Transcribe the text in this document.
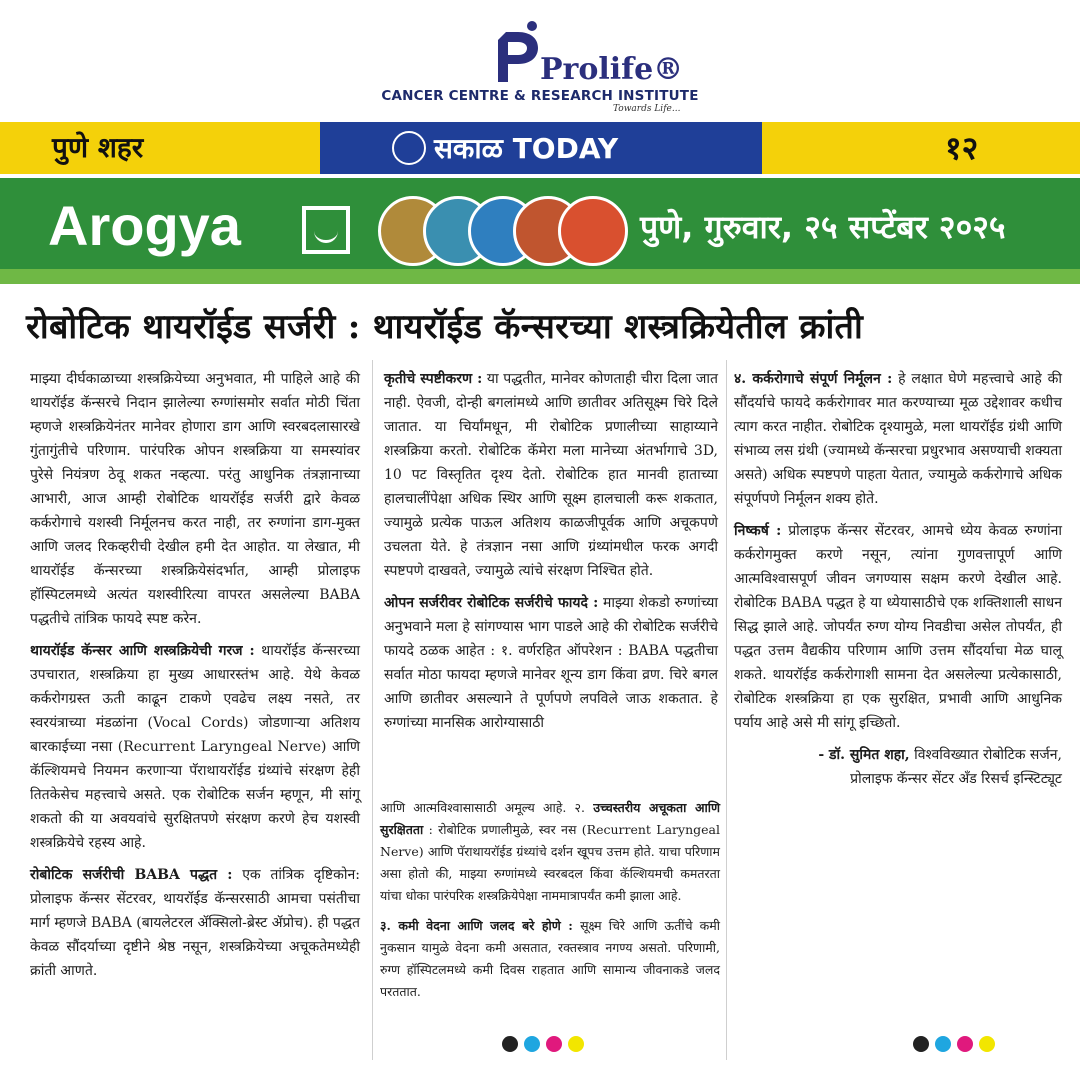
Prolife®
CANCER CENTRE & RESEARCH INSTITUTE
Towards Life...
पुणे शहर	सकाळ TODAY	१२
Arogya	पुणे, गुरुवार, २५ सप्टेंबर २०२५
रोबोटिक थायरॉईड सर्जरी : थायरॉईड कॅन्सरच्या शस्त्रक्रियेतील क्रांती

माझ्या दीर्घकाळाच्या शस्त्रक्रियेच्या अनुभवात, मी पाहिले आहे की थायरॉईड कॅन्सरचे निदान झालेल्या रुग्णांसमोर सर्वात मोठी चिंता म्हणजे शस्त्रक्रियेनंतर मानेवर होणारा डाग आणि स्वरबदलासारखे गुंतागुंतीचे परिणाम. पारंपरिक ओपन शस्त्रक्रिया या समस्यांवर पुरेसे नियंत्रण ठेवू शकत नव्हत्या. परंतु आधुनिक तंत्रज्ञानाच्या आभारी, आज आम्ही रोबोटिक थायरॉईड सर्जरी द्वारे केवळ कर्करोगाचे यशस्वी निर्मूलनच करत नाही, तर रुग्णांना डाग-मुक्त आणि जलद रिकव्हरीची देखील हमी देत आहोत. या लेखात, मी थायरॉईड कॅन्सरच्या शस्त्रक्रियेसंदर्भात, आम्ही प्रोलाइफ हॉस्पिटलमध्ये अत्यंत यशस्वीरित्या वापरत असलेल्या BABA पद्धतीचे तांत्रिक फायदे स्पष्ट करेन.

थायरॉईड कॅन्सर आणि शस्त्रक्रियेची गरज : थायरॉईड कॅन्सरच्या उपचारात, शस्त्रक्रिया हा मुख्य आधारस्तंभ आहे. येथे केवळ कर्करोगग्रस्त ऊती काढून टाकणे एवढेच लक्ष्य नसते, तर स्वरयंत्राच्या मंडळांना (Vocal Cords) जोडणाऱ्या अतिशय बारकाईच्या नसा (Recurrent Laryngeal Nerve) आणि कॅल्शियमचे नियमन करणाऱ्या पॅराथायरॉईड ग्रंथ्यांचे संरक्षण हेही तितकेसेच महत्त्वाचे असते. एक रोबोटिक सर्जन म्हणून, मी सांगू शकतो की या अवयवांचे सुरक्षितपणे संरक्षण करणे हेच यशस्वी शस्त्रक्रियेचे रहस्य आहे.

रोबोटिक सर्जरीची BABA पद्धत : एक तांत्रिक दृष्टिकोन: प्रोलाइफ कॅन्सर सेंटरवर, थायरॉईड कॅन्सरसाठी आमचा पसंतीचा मार्ग म्हणजे BABA (बायलेटरल ॲक्सिलो-ब्रेस्ट ॲप्रोच). ही पद्धत केवळ सौंदर्याच्या दृष्टीने श्रेष्ठ नसून, शस्त्रक्रियेच्या अचूकतेमध्येही क्रांती आणते.

कृतीचे स्पष्टीकरण : या पद्धतीत, मानेवर कोणताही चीरा दिला जात नाही. ऐवजी, दोन्ही बगलांमध्ये आणि छातीवर अतिसूक्ष्म चिरे दिले जातात. या चिर्यांमधून, मी रोबोटिक प्रणालीच्या साहाय्याने शस्त्रक्रिया करतो. रोबोटिक कॅमेरा मला मानेच्या अंतर्भागाचे 3D, 10 पट विस्तृतित दृश्य देतो. रोबोटिक हात मानवी हाताच्या हालचालींपेक्षा अधिक स्थिर आणि सूक्ष्म हालचाली करू शकतात, ज्यामुळे प्रत्येक पाऊल अतिशय काळजीपूर्वक आणि अचूकपणे उचलता येते. हे तंत्रज्ञान नसा आणि ग्रंथ्यांमधील फरक अगदी स्पष्टपणे दाखवते, ज्यामुळे त्यांचे संरक्षण निश्चित होते.

ओपन सर्जरीवर रोबोटिक सर्जरीचे फायदे : माझ्या शेकडो रुग्णांच्या अनुभवाने मला हे सांगण्यास भाग पाडले आहे की रोबोटिक सर्जरीचे फायदे ठळक आहेत : १. वर्णरहित ऑपरेशन : BABA पद्धतीचा सर्वात मोठा फायदा म्हणजे मानेवर शून्य डाग किंवा व्रण. चिरे बगल आणि छातीवर असल्याने ते पूर्णपणे लपविले जाऊ शकतात. हे रुग्णांच्या मानसिक आरोग्यासाठी

आणि आत्मविश्वासासाठी अमूल्य आहे. २. उच्चस्तरीय अचूकता आणि सुरक्षितता : रोबोटिक प्रणालीमुळे, स्वर नस (Recurrent Laryngeal Nerve) आणि पॅराथायरॉईड ग्रंथ्यांचे दर्शन खूपच उत्तम होते. याचा परिणाम असा होतो की, माझ्या रुग्णांमध्ये स्वरबदल किंवा कॅल्शियमची कमतरता यांचा धोका पारंपरिक शस्त्रक्रियेपेक्षा नाममात्रापर्यंत कमी झाला आहे.

३. कमी वेदना आणि जलद बरे होणे : सूक्ष्म चिरे आणि ऊतींचे कमी नुकसान यामुळे वेदना कमी असतात, रक्तस्त्राव नगण्य असतो. परिणामी, रुग्ण हॉस्पिटलमध्ये कमी दिवस राहतात आणि सामान्य जीवनाकडे जलद परततात.

४. कर्करोगाचे संपूर्ण निर्मूलन : हे लक्षात घेणे महत्त्वाचे आहे की सौंदर्याचे फायदे कर्करोगावर मात करण्याच्या मूळ उद्देशावर कधीच त्याग करत नाहीत. रोबोटिक दृश्यामुळे, मला थायरॉईड ग्रंथी आणि संभाव्य लस ग्रंथी (ज्यामध्ये कॅन्सरचा प्रधुरभाव असण्याची शक्यता असते) अधिक स्पष्टपणे पाहता येतात, ज्यामुळे कर्करोगाचे अधिक संपूर्णपणे निर्मूलन शक्य होते.

निष्कर्ष : प्रोलाइफ कॅन्सर सेंटरवर, आमचे ध्येय केवळ रुग्णांना कर्करोगमुक्त करणे नसून, त्यांना गुणवत्तापूर्ण आणि आत्मविश्वासपूर्ण जीवन जगण्यास सक्षम करणे देखील आहे. रोबोटिक BABA पद्धत हे या ध्येयासाठीचे एक शक्तिशाली साधन सिद्ध झाले आहे. जोपर्यंत रुग्ण योग्य निवडीचा असेल तोपर्यंत, ही पद्धत उत्तम वैद्यकीय परिणाम आणि उत्तम सौंदर्याचा मेळ घालू शकते. थायरॉईड कर्करोगाशी सामना देत असलेल्या प्रत्येकासाठी, रोबोटिक शस्त्रक्रिया हा एक सुरक्षित, प्रभावी आणि आधुनिक पर्याय आहे असे मी सांगू इच्छितो.

- डॉ. सुमित शहा, विश्वविख्यात रोबोटिक सर्जन,
प्रोलाइफ कॅन्सर सेंटर अँड रिसर्च इन्स्टिट्यूट
